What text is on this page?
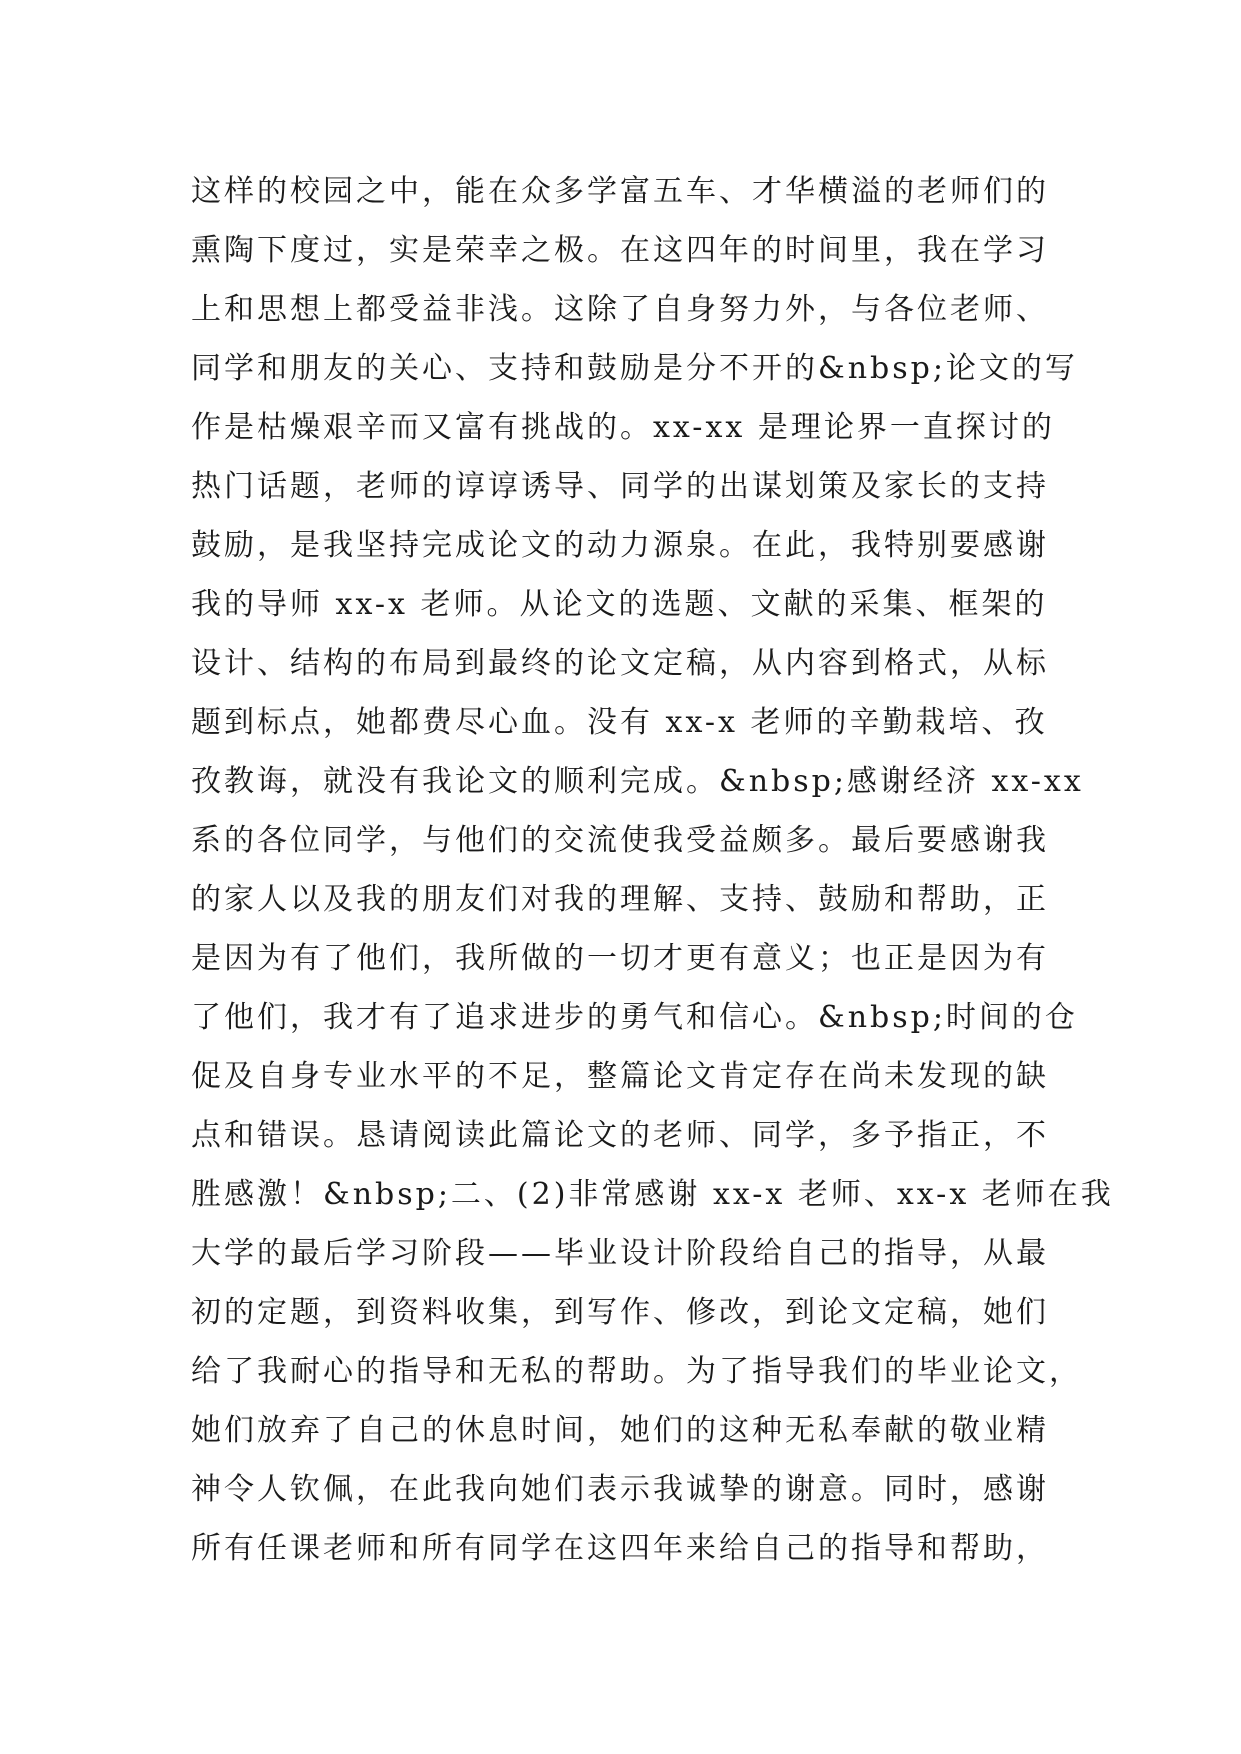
这样的校园之中，能在众多学富五车、才华横溢的老师们的
熏陶下度过，实是荣幸之极。在这四年的时间里，我在学习
上和思想上都受益非浅。这除了自身努力外，与各位老师、
同学和朋友的关心、支持和鼓励是分不开的&nbsp;论文的写
作是枯燥艰辛而又富有挑战的。xx-xx 是理论界一直探讨的
热门话题，老师的谆谆诱导、同学的出谋划策及家长的支持
鼓励，是我坚持完成论文的动力源泉。在此，我特别要感谢
我的导师 xx-x 老师。从论文的选题、文献的采集、框架的
设计、结构的布局到最终的论文定稿，从内容到格式，从标
题到标点，她都费尽心血。没有 xx-x 老师的辛勤栽培、孜
孜教诲，就没有我论文的顺利完成。&nbsp;感谢经济 xx-xx
系的各位同学，与他们的交流使我受益颇多。最后要感谢我
的家人以及我的朋友们对我的理解、支持、鼓励和帮助，正
是因为有了他们，我所做的一切才更有意义；也正是因为有
了他们，我才有了追求进步的勇气和信心。&nbsp;时间的仓
促及自身专业水平的不足，整篇论文肯定存在尚未发现的缺
点和错误。恳请阅读此篇论文的老师、同学，多予指正，不
胜感激！&nbsp;二、(2)非常感谢 xx-x 老师、xx-x 老师在我
大学的最后学习阶段——毕业设计阶段给自己的指导，从最
初的定题，到资料收集，到写作、修改，到论文定稿，她们
给了我耐心的指导和无私的帮助。为了指导我们的毕业论文，
她们放弃了自己的休息时间，她们的这种无私奉献的敬业精
神令人钦佩，在此我向她们表示我诚挚的谢意。同时，感谢
所有任课老师和所有同学在这四年来给自己的指导和帮助，
